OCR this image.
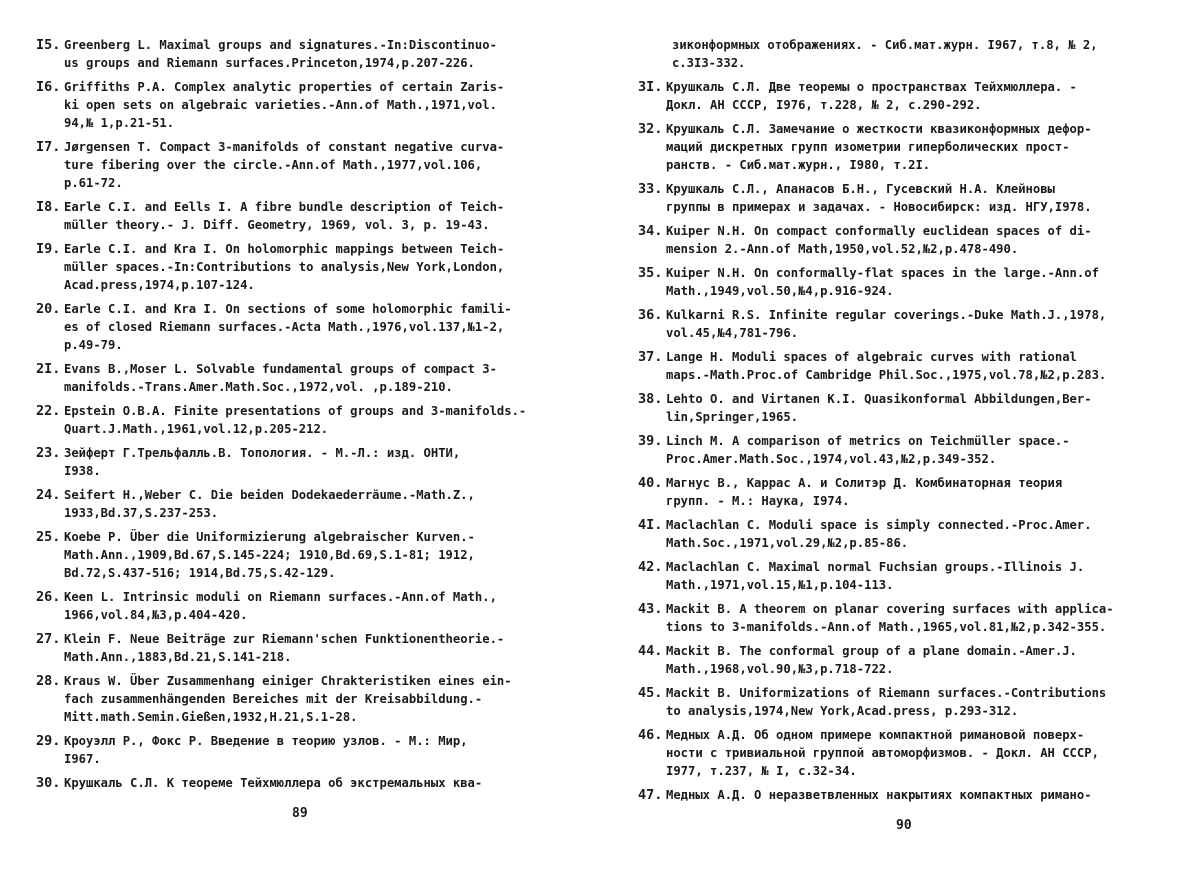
I5. Greenberg L. Maximal groups and signatures.-In:Discontinuo-
us groups and Riemann surfaces.Princeton,1974,p.207-226.
I6. Griffiths P.A. Complex analytic properties of certain Zaris-
ki open sets on algebraic varieties.-Ann.of Math.,1971,vol.
94,№ 1,p.21-51.
I7. Jørgensen T. Compact 3-manifolds of constant negative curva-
ture fibering over the circle.-Ann.of Math.,1977,vol.106,
p.61-72.
I8. Earle C.I. and Eells I. A fibre bundle description of Teich-
müller theory.- J. Diff. Geometry, 1969, vol. 3, p. 19-43.
I9. Earle C.I. and Kra I. On holomorphic mappings between Teich-
müller spaces.-In:Contributions to analysis,New York,London,
Acad.press,1974,p.107-124.
20. Earle C.I. and Kra I. On sections of some holomorphic famili-
es of closed Riemann surfaces.-Acta Math.,1976,vol.137,№1-2,
p.49-79.
2I. Evans B.,Moser L. Solvable fundamental groups of compact 3-
manifolds.-Trans.Amer.Math.Soc.,1972,vol. ,p.189-210.
22. Epstein O.B.A. Finite presentations of groups and 3-manifolds.-
Quart.J.Math.,1961,vol.12,p.205-212.
23. Зейферт Г.Трельфалль.В. Топология. - М.-Л.: изд. ОНТИ,
I938.
24. Seifert H.,Weber C. Die beiden Dodekaederräume.-Math.Z.,
1933,Bd.37,S.237-253.
25. Koebe P. Über die Uniformizierung algebraischer Kurven.-
Math.Ann.,1909,Bd.67,S.145-224; 1910,Bd.69,S.1-81; 1912,
Bd.72,S.437-516; 1914,Bd.75,S.42-129.
26. Keen L. Intrinsic moduli on Riemann surfaces.-Ann.of Math.,
1966,vol.84,№3,p.404-420.
27. Klein F. Neue Beiträge zur Riemann'schen Funktionentheorie.-
Math.Ann.,1883,Bd.21,S.141-218.
28. Kraus W. Über Zusammenhang einiger Chrakteristiken eines ein-
fach zusammenhängenden Bereiches mit der Kreisabbildung.-
Mitt.math.Semin.Gießen,1932,H.21,S.1-28.
29. Кроуэлл Р., Фокс Р. Введение в теорию узлов. - М.: Мир,
I967.
30. Крушкаль С.Л. К теореме Тейхмюллера об экстремальных ква-
89
зиконформных отображениях. - Сиб.мат.журн. I967, т.8, № 2,
с.3I3-332.
3I. Крушкаль С.Л. Две теоремы о пространствах Тейхмюллера. -
Докл. АН СССР, I976, т.228, № 2, с.290-292.
32. Крушкаль С.Л. Замечание о жесткости квазиконформных дефор-
маций дискретных групп изометрии гиперболических прост-
ранств. - Сиб.мат.журн., I980, т.2I.
33. Крушкаль С.Л., Апанасов Б.Н., Гусевский Н.А. Клейновы
группы в примерах и задачах. - Новосибирск: изд. НГУ,I978.
34. Kuiper N.H. On compact conformally euclidean spaces of di-
mension 2.-Ann.of Math,1950,vol.52,№2,p.478-490.
35. Kuiper N.H. On conformally-flat spaces in the large.-Ann.of
Math.,1949,vol.50,№4,p.916-924.
36. Kulkarni R.S. Infinite regular coverings.-Duke Math.J.,1978,
vol.45,№4,781-796.
37. Lange H. Moduli spaces of algebraic curves with rational
maps.-Math.Proc.of Cambridge Phil.Soc.,1975,vol.78,№2,p.283.
38. Lehto O. and Virtanen K.I. Quasikonformal Abbildungen,Ber-
lin,Springer,1965.
39. Linch M. A comparison of metrics on Teichmüller space.-
Proc.Amer.Math.Soc.,1974,vol.43,№2,p.349-352.
40. Магнус В., Каррас А. и Солитэр Д. Комбинаторная теория
групп. - М.: Наука, I974.
4I. Maclachlan C. Moduli space is simply connected.-Proc.Amer.
Math.Soc.,1971,vol.29,№2,p.85-86.
42. Maclachlan C. Maximal normal Fuchsian groups.-Illinois J.
Math.,1971,vol.15,№1,p.104-113.
43. Mackit B. A theorem on planar covering surfaces with applica-
tions to 3-manifolds.-Ann.of Math.,1965,vol.81,№2,p.342-355.
44. Mackit B. The conformal group of a plane domain.-Amer.J.
Math.,1968,vol.90,№3,p.718-722.
45. Mackit B. Uniformizations of Riemann surfaces.-Contributions
to analysis,1974,New York,Acad.press, p.293-312.
46. Медных А.Д. Об одном примере компактной римановой поверх-
ности с тривиальной группой автоморфизмов. - Докл. АН СССР,
I977, т.237, № I, с.32-34.
47. Медных А.Д. О неразветвленных накрытиях компактных римано-
90
